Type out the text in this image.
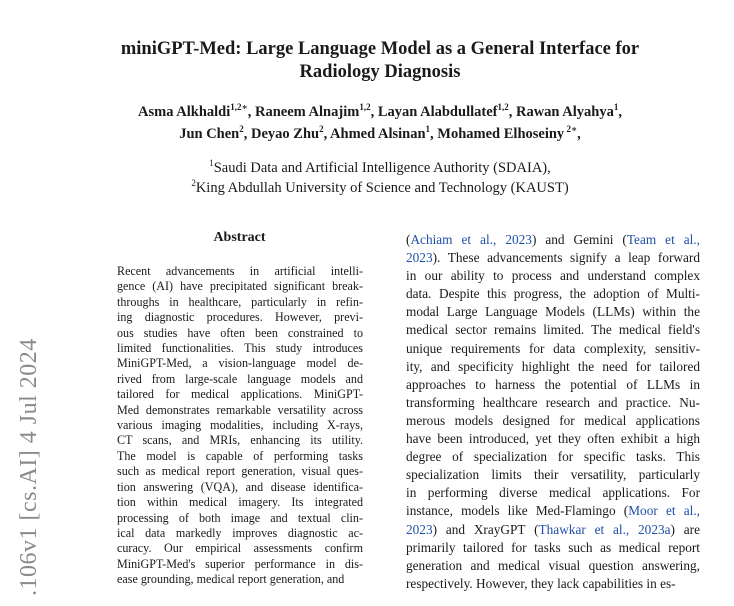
miniGPT-Med: Large Language Model as a General Interface for
Radiology Diagnosis
Asma Alkhaldi$^{1,2∗}$, Raneem Alnajim$^{1,2}$, Layan Alabdullatef$^{1,2}$, Rawan Alyahya$^1$,
Jun Chen$^2$, Deyao Zhu$^2$, Ahmed Alsinan$^1$, Mohamed Elhoseiny $^{2∗}$,
$^1$Saudi Data and Artificial Intelligence Authority (SDAIA),
$^2$King Abdullah University of Science and Technology (KAUST)
Abstract
Recent advancements in artificial intelli-
gence (AI) have precipitated significant break-
throughs in healthcare, particularly in refin-
ing diagnostic procedures. However, previ-
ous studies have often been constrained to
limited functionalities. This study introduces
MiniGPT-Med, a vision-language model de-
rived from large-scale language models and
tailored for medical applications. MiniGPT-
Med demonstrates remarkable versatility across
various imaging modalities, including X-rays,
CT scans, and MRIs, enhancing its utility.
The model is capable of performing tasks
such as medical report generation, visual ques-
tion answering (VQA), and disease identifica-
tion within medical imagery. Its integrated
processing of both image and textual clin-
ical data markedly improves diagnostic ac-
curacy. Our empirical assessments confirm
MiniGPT-Med's superior performance in dis-
ease grounding, medical report generation, and
(Achiam et al., 2023) and Gemini (Team et al.,
2023). These advancements signify a leap forward
in our ability to process and understand complex
data. Despite this progress, the adoption of Multi-
modal Large Language Models (LLMs) within the
medical sector remains limited. The medical field's
unique requirements for data complexity, sensitiv-
ity, and specificity highlight the need for tailored
approaches to harness the potential of LLMs in
transforming healthcare research and practice. Nu-
merous models designed for medical applications
have been introduced, yet they often exhibit a high
degree of specialization for specific tasks. This
specialization limits their versatility, particularly
in performing diverse medical applications. For
instance, models like Med-Flamingo (Moor et al.,
2023) and XrayGPT (Thawkar et al., 2023a) are
primarily tailored for tasks such as medical report
generation and medical visual question answering,
respectively. However, they lack capabilities in es-
.106v1 [cs.AI] 4 Jul 2024
